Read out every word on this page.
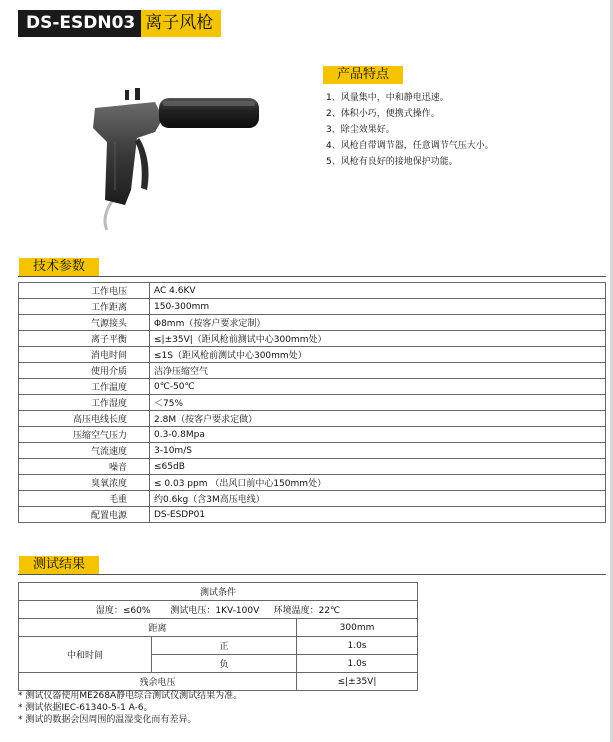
DS-ESDN03 离子风枪
产品特点
1、风量集中，中和静电迅速。
2、体积小巧，便携式操作。
3、除尘效果好。
4、风枪自带调节器，任意调节气压大小。
5、风枪有良好的接地保护功能。
技术参数
工作电压	AC 4.6KV
工作距离	150-300mm
气源接头	Φ8mm（按客户要求定制）
离子平衡	≤|±35V|（距风枪前测试中心300mm处）
消电时间	≤1S（距风枪前测试中心300mm处）
使用介质	洁净压缩空气
工作温度	0℃-50℃
工作湿度	＜75%
高压电线长度	2.8M（按客户要求定做）
压缩空气压力	0.3-0.8Mpa
气流速度	3-10m/S
噪音	≤65dB
臭氧浓度	≤ 0.03 ppm （出风口前中心150mm处）
毛重	约0.6kg（含3M高压电线）
配置电源	DS-ESDP01
测试结果
测试条件		
湿度：≤60%       测试电压：1KV-100V     环境温度：22℃		
距离		300mm
中和时间	正	1.0s
	负	1.0s
残余电压		≤|±35V|
* 测试仪器使用ME268A静电综合测试仪测试结果为准。
* 测试依据IEC-61340-5-1 A-6。
* 测试的数据会因周围的温湿变化而有差异。
